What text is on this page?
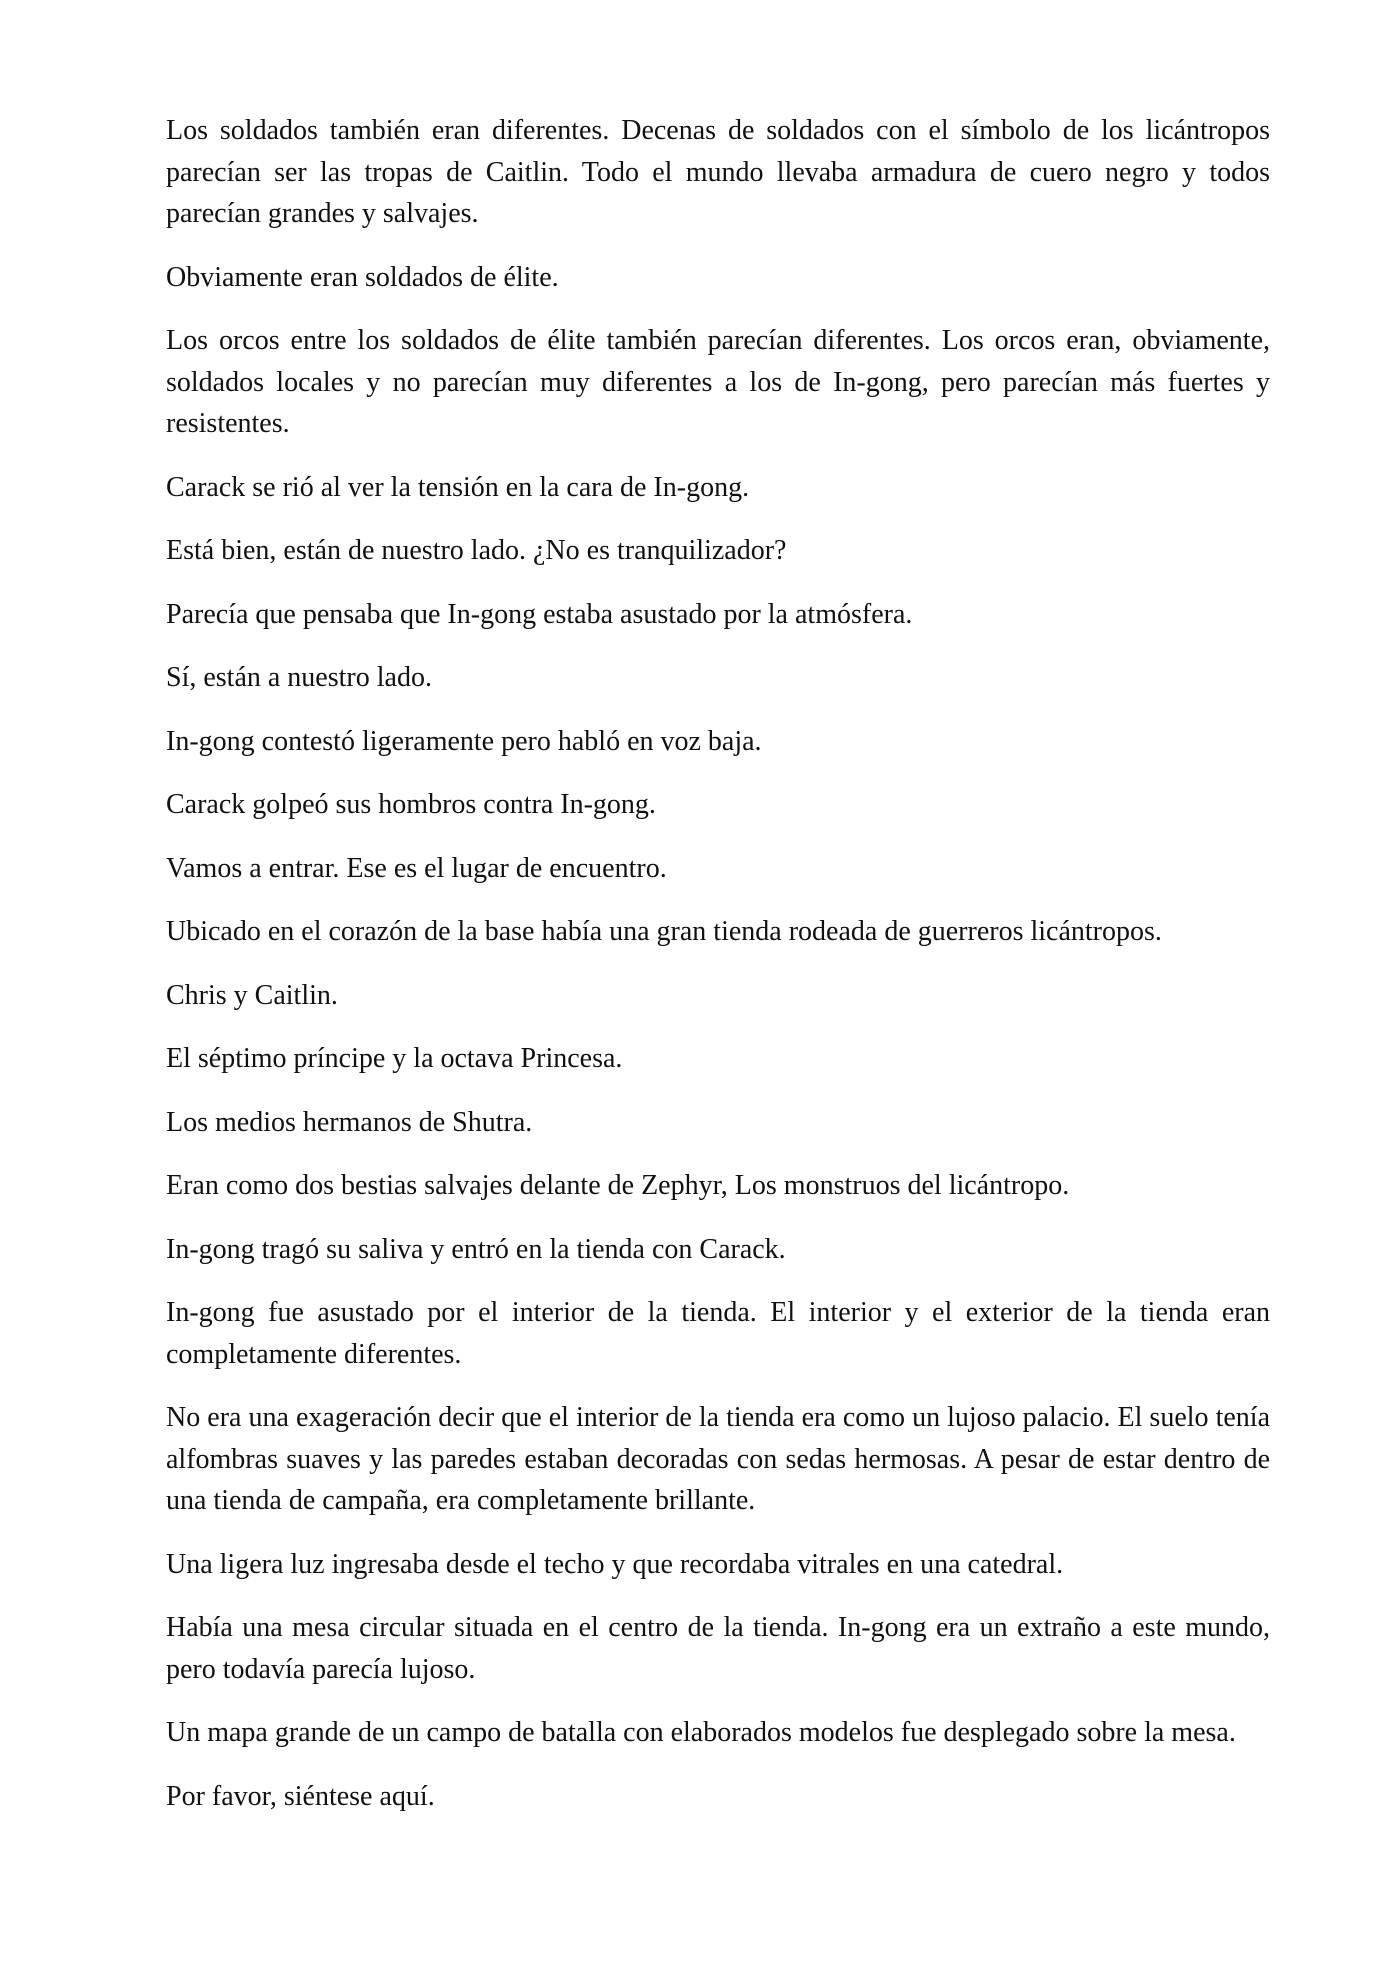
Los soldados también eran diferentes. Decenas de soldados con el símbolo de los licántropos parecían ser las tropas de Caitlin. Todo el mundo llevaba armadura de cuero negro y todos parecían grandes y salvajes.

Obviamente eran soldados de élite.

Los orcos entre los soldados de élite también parecían diferentes. Los orcos eran, obviamente, soldados locales y no parecían muy diferentes a los de In-gong, pero parecían más fuertes y resistentes.

Carack se rió al ver la tensión en la cara de In-gong.

Está bien, están de nuestro lado. ¿No es tranquilizador?

Parecía que pensaba que In-gong estaba asustado por la atmósfera.

Sí, están a nuestro lado.

In-gong contestó ligeramente pero habló en voz baja.

Carack golpeó sus hombros contra In-gong.

Vamos a entrar. Ese es el lugar de encuentro.

Ubicado en el corazón de la base había una gran tienda rodeada de guerreros licántropos.

Chris y Caitlin.

El séptimo príncipe y la octava Princesa.

Los medios hermanos de Shutra.

Eran como dos bestias salvajes delante de Zephyr, Los monstruos del licántropo.

In-gong tragó su saliva y entró en la tienda con Carack.

In-gong fue asustado por el interior de la tienda. El interior y el exterior de la tienda eran completamente diferentes.

No era una exageración decir que el interior de la tienda era como un lujoso palacio. El suelo tenía alfombras suaves y las paredes estaban decoradas con sedas hermosas. A pesar de estar dentro de una tienda de campaña, era completamente brillante.

Una ligera luz ingresaba desde el techo y que recordaba vitrales en una catedral.

Había una mesa circular situada en el centro de la tienda. In-gong era un extraño a este mundo, pero todavía parecía lujoso.

Un mapa grande de un campo de batalla con elaborados modelos fue desplegado sobre la mesa.

Por favor, siéntese aquí.
